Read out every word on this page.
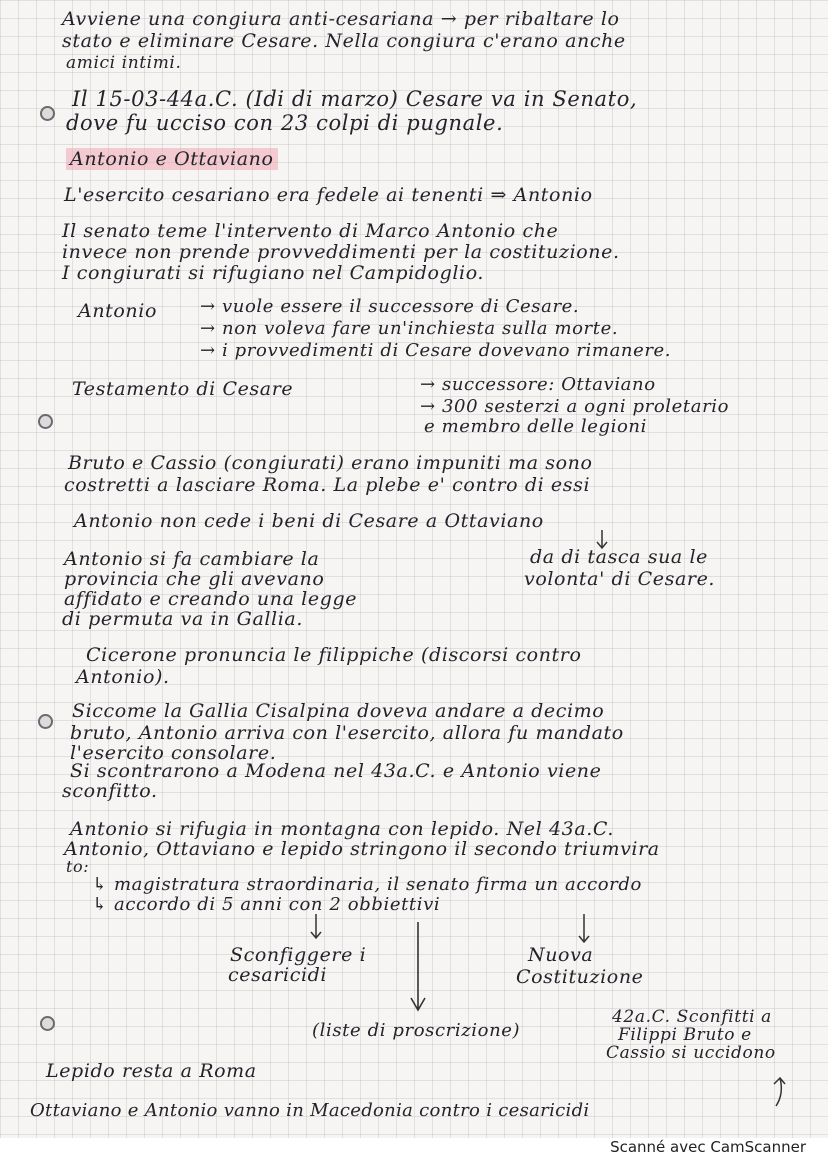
Avviene una congiura anti-cesariana → per ribaltare lo
stato e eliminare Cesare. Nella congiura c'erano anche
amici intimi.
Il 15-03-44a.C. (Idi di marzo) Cesare va in Senato,
dove fu ucciso con 23 colpi di pugnale.
Antonio e Ottaviano
L'esercito cesariano era fedele ai tenenti ⇒ Antonio
Il senato teme l'intervento di Marco Antonio che
invece non prende provveddimenti per la costituzione.
I congiurati si rifugiano nel Campidoglio.
Antonio → vuole essere il successore di Cesare.
→ non voleva fare un'inchiesta sulla morte.
→ i provvedimenti di Cesare dovevano rimanere.
Testamento di Cesare	→ successore: Ottaviano
→ 300 sesterzi a ogni proletario
e membro delle legioni
Bruto e Cassio (congiurati) erano impuniti ma sono
costretti a lasciare Roma. La plebe e' contro di essi
Antonio non cede i beni di Cesare a Ottaviano
Antonio si fa cambiare la
provincia che gli avevano
affidato e creando una legge
di permuta va in Gallia.
da di tasca sua le
volonta' di Cesare.
Cicerone pronuncia le filippiche (discorsi contro
Antonio).
Siccome la Gallia Cisalpina doveva andare a decimo
bruto, Antonio arriva con l'esercito, allora fu mandato
l'esercito consolare.
Si scontrarono a Modena nel 43a.C. e Antonio viene
sconfitto.
Antonio si rifugia in montagna con lepido. Nel 43a.C.
Antonio, Ottaviano e lepido stringono il secondo triumvira
to:
↳ magistratura straordinaria, il senato firma un accordo
↳ accordo di 5 anni con 2 obbiettivi
Sconfiggere i
cesaricidi
Nuova
Costituzione
(liste di proscrizione)
42a.C. Sconfitti a
Filippi Bruto e
Cassio si uccidono
Lepido resta a Roma
Ottaviano e Antonio vanno in Macedonia contro i cesaricidi
Scanné avec CamScanner
